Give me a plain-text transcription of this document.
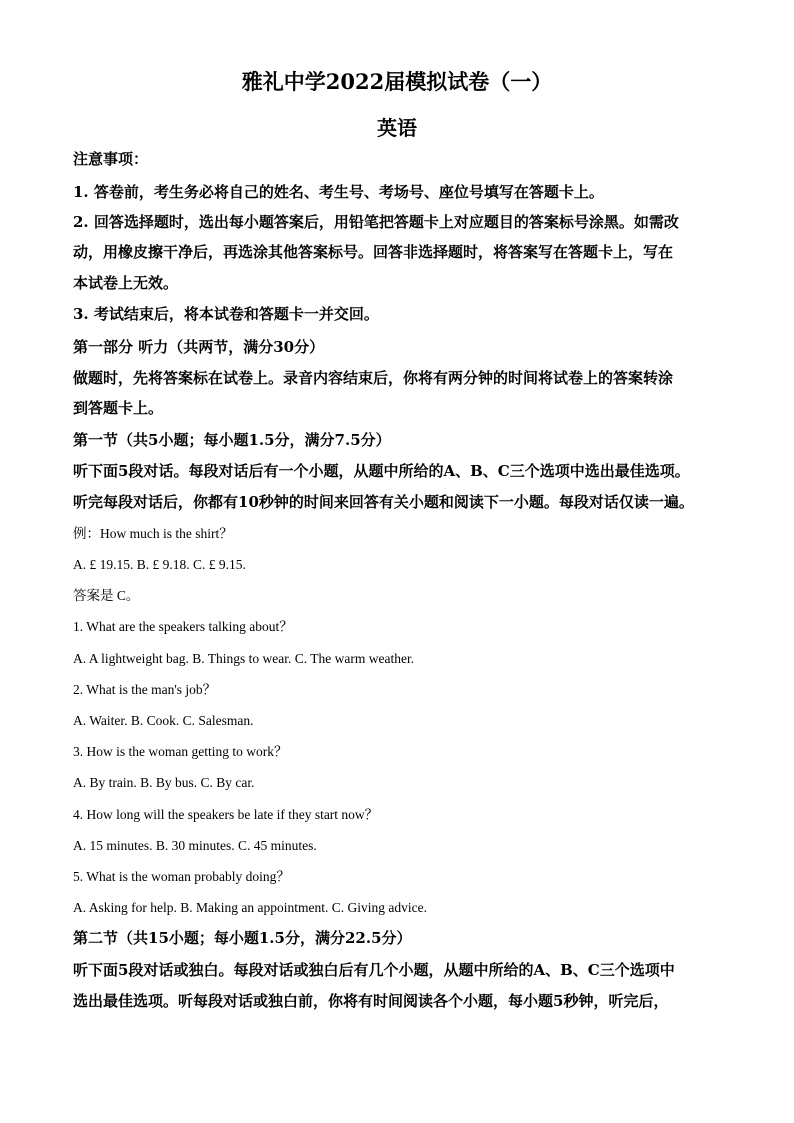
雅礼中学2022届模拟试卷（一）
英语
注意事项：
1. 答卷前，考生务必将自己的姓名、考生号、考场号、座位号填写在答题卡上。
2. 回答选择题时，选出每小题答案后，用铅笔把答题卡上对应题目的答案标号涂黑。如需改
动，用橡皮擦干净后，再选涂其他答案标号。回答非选择题时，将答案写在答题卡上，写在
本试卷上无效。
3. 考试结束后，将本试卷和答题卡一并交回。
第一部分 听力（共两节，满分30分）
做题时，先将答案标在试卷上。录音内容结束后，你将有两分钟的时间将试卷上的答案转涂
到答题卡上。
第一节（共5小题；每小题1.5分，满分7.5分）
听下面5段对话。每段对话后有一个小题，从题中所给的A、B、C三个选项中选出最佳选项。
听完每段对话后，你都有10秒钟的时间来回答有关小题和阅读下一小题。每段对话仅读一遍。
例：How much is the shirt？
A. £ 19.15. B. £ 9.18. C. £ 9.15.
答案是 C。
1. What are the speakers talking about？
A. A lightweight bag. B. Things to wear. C. The warm weather.
2. What is the man's job？
A. Waiter. B. Cook. C. Salesman.
3. How is the woman getting to work？
A. By train. B. By bus. C. By car.
4. How long will the speakers be late if they start now？
A. 15 minutes. B. 30 minutes. C. 45 minutes.
5. What is the woman probably doing？
A. Asking for help. B. Making an appointment. C. Giving advice.
第二节（共15小题；每小题1.5分，满分22.5分）
听下面5段对话或独白。每段对话或独白后有几个小题，从题中所给的A、B、C三个选项中
选出最佳选项。听每段对话或独白前，你将有时间阅读各个小题，每小题5秒钟，听完后，
